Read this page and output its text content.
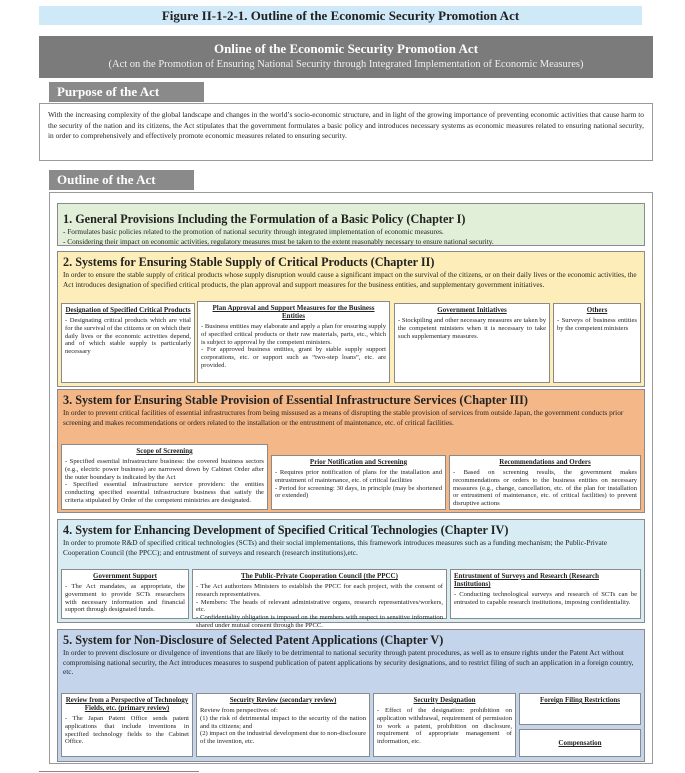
Figure II-1-2-1. Outline of the Economic Security Promotion Act
Online of the Economic Security Promotion Act
(Act on the Promotion of Ensuring National Security through Integrated Implementation of Economic Measures)
Purpose of the Act
With the increasing complexity of the global landscape and changes in the world’s socio-economic structure, and in light of the growing importance of preventing economic activities that cause harm to the security of the nation and its citizens, the Act stipulates that the government formulates a basic policy and introduces necessary systems as economic measures related to ensuring national security, in order to comprehensively and effectively promote economic measures related to ensuring security.
Outline of the Act
1. General Provisions Including the Formulation of a Basic Policy (Chapter I)

- Formulates basic policies related to the promotion of national security through integrated implementation of economic measures.

- Considering their impact on economic activities, regulatory measures must be taken to the extent reasonably necessary to ensure national security.

2. Systems for Ensuring Stable Supply of Critical Products (Chapter II)

In order to ensure the stable supply of critical products whose supply disruption would cause a significant impact on the survival of the citizens, or on their daily lives or the economic activities, the Act introduces designation of specified critical products, the plan approval and support measures for the business entities, and supplementary government initiatives.

Designation of Specified Critical Products
- Designating critical products which are vital for the survival of the citizens or on which their daily lives or the economic activities depend, and of which stable supply is particularly necessary
Plan Approval and Support Measures for the Business Entities
- Business entities may elaborate and apply a plan for ensuring supply of specified critical products or their raw materials, parts, etc., which is subject to approval by the competent ministers.
- For approved business entities, grant by stable supply support corporations, etc. or support such as “two-step loans”, etc. are provided.
Government Initiatives
- Stockpiling and other necessary measures are taken by the competent ministers when it is necessary to take such supplementary measures.
Others
- Surveys of business entities by the competent ministers
3. System for Ensuring Stable Provision of Essential Infrastructure Services (Chapter III)

In order to prevent critical facilities of essential infrastructures from being missused as a means of disrupting the stable provision of services from outside Japan, the government conducts prior screening and makes recommendations or orders related to the installation or the entrustment of maintenance, etc. of critical facilities.

Scope of Screening
- Specified essential infrastructure business: the covered business sectors (e.g., electric power business) are narrowed down by Cabinet Order after the outer boundary is indicated by the Act
- Specified essential infrastructure service providers: the entities conducting specified essential infrastructure business that satisfy the criteria stipulated by Order of the competent ministries are designated.
Prior Notification and Screening
- Requires prior notification of plans for the installation and entrustment of maintenance, etc. of critical facilities
- Period for screening: 30 days, in principle (may be shortened or extended)
Recommendations and Orders
- Based on screening results, the government makes recommendations or orders to the business entities on necessary measures (e.g., change, cancellation, etc. of the plan for installation or entrustment of maintenance, etc. of critical facilities) to prevent disruptive actions
4. System for Enhancing Development of Specified Critical Technologies (Chapter IV)

In order to promote R&D of specified critical technologies (SCTs) and their social implementations, this framework introduces measures such as a funding mechanism; the Public-Private Cooperation Council (the PPCC); and entrustment of surveys and research (research institutions),etc.

Government Support
- The Act mandates, as appropriate, the government to provide SCTs researchers with necessary information and financial support through designated funds.
The Public-Private Cooperation Council (the PPCC)
- The Act authorizes Ministers to establish the PPCC for each project, with the consent of research representatives.
- Members: The heads of relevant administrative organs, research representatives/workers, etc.
- Confidentiality obligation is imposed on the members with respect to sensitive information shared under mutual consent through the PPCC.
Entrustment of Surveys and Research (Research Institutions)
- Conducting technological surveys and research of SCTs can be entrusted to capable research institutions, imposing confidentiality.
5. System for Non-Disclosure of Selected Patent Applications (Chapter V)

In order to prevent disclosure or divulgence of inventions that are likely to be detrimental to national security through patent procedures, as well as to ensure rights under the Patent Act without compromising national security, the Act introduces measures to suspend publication of patent applications by security designations, and to restrict filing of such an application in a foreign country, etc.

Review from a Perspective of Technology Fields, etc. (primary review)
- The Japan Patent Office sends patent applications that include inventions in specified technology fields to the Cabinet Office.
Security Review (secondary review)
Review from perspectives of:
(1) the risk of detrimental impact to the security of the nation and its citizens; and
(2) impact on the industrial development due to non-disclosure of the invention, etc.
Security Designation
- Effect of the designation: prohibition on application withdrawal, requirement of permission to work a patent, prohibition on disclosure, requirement of appropriate management of information, etc.
Foreign Filing Restrictions
Compensation
